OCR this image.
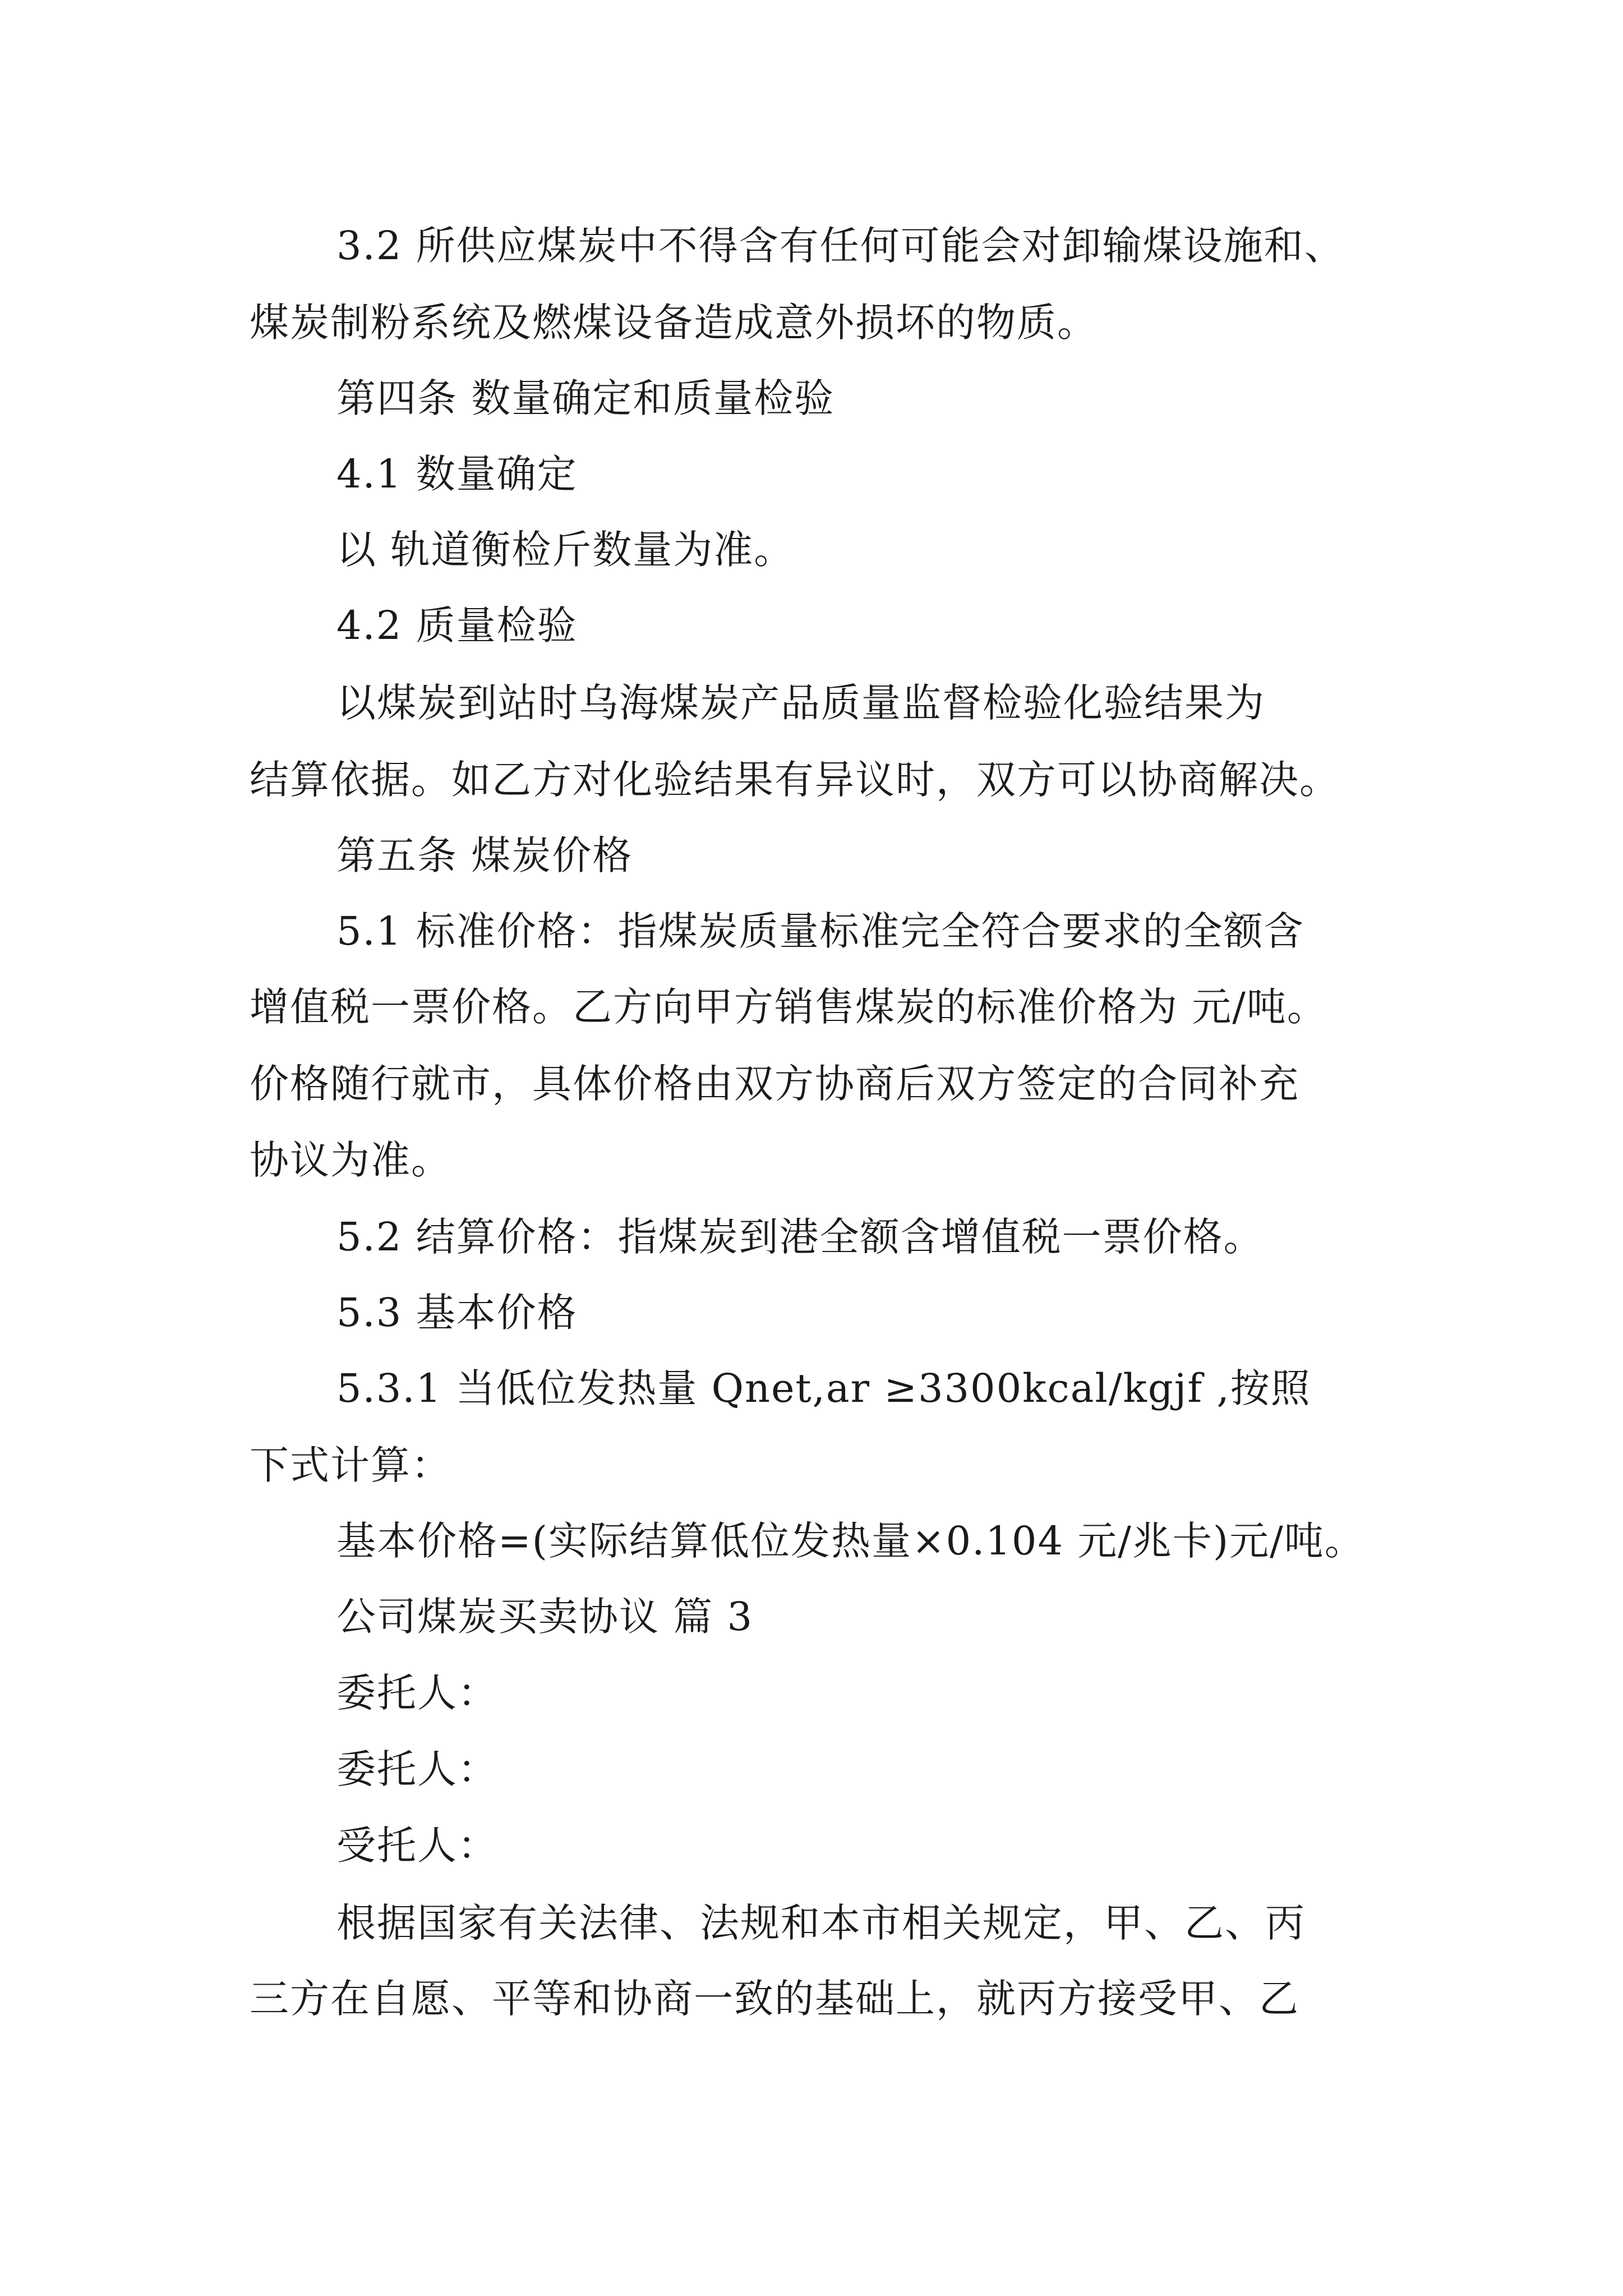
3.2 所供应煤炭中不得含有任何可能会对卸输煤设施和、
煤炭制粉系统及燃煤设备造成意外损坏的物质。
第四条 数量确定和质量检验
4.1 数量确定
以 轨道衡检斤数量为准。
4.2 质量检验
以煤炭到站时乌海煤炭产品质量监督检验化验结果为
结算依据。如乙方对化验结果有异议时，双方可以协商解决。
第五条 煤炭价格
5.1 标准价格：指煤炭质量标准完全符合要求的全额含
增值税一票价格。乙方向甲方销售煤炭的标准价格为 元/吨。
价格随行就市，具体价格由双方协商后双方签定的合同补充
协议为准。
5.2 结算价格：指煤炭到港全额含增值税一票价格。
5.3 基本价格
5.3.1 当低位发热量 Qnet,ar ≥3300kcal/kgjf ,按照
下式计算：
基本价格=(实际结算低位发热量×0.104 元/兆卡)元/吨。
公司煤炭买卖协议 篇 3
委托人：
委托人：
受托人：
根据国家有关法律、法规和本市相关规定，甲、乙、丙
三方在自愿、平等和协商一致的基础上，就丙方接受甲、乙
